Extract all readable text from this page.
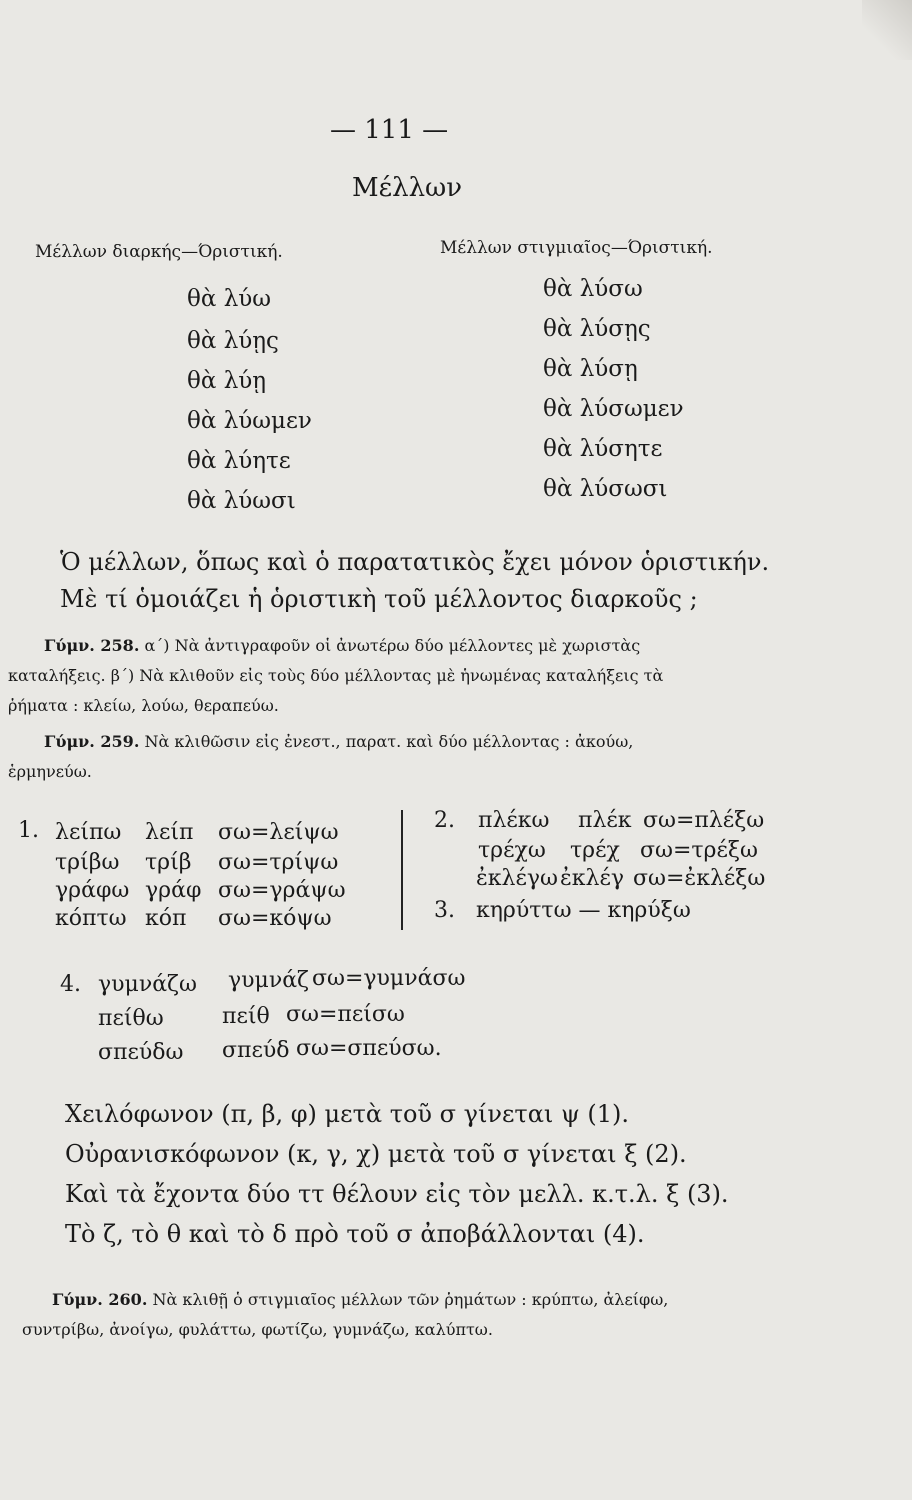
— 111 —
Μέλλων
Μέλλων διαρκής—Όριστική.
θὰ λύω
θὰ λύῃς
θὰ λύῃ
θὰ λύωμεν
θὰ λύητε
θὰ λύωσι
Μέλλων στιγμιαῖος—Όριστική.
θὰ λύσω
θὰ λύσῃς
θὰ λύσῃ
θὰ λύσωμεν
θὰ λύσητε
θὰ λύσωσι
Ὁ μέλλων, ὅπως καὶ ὁ παρατατικὸς ἔχει μόνον ὁριστικήν.
Μὲ τί ὁμοιάζει ἡ ὁριστικὴ τοῦ μέλλοντος διαρκοῦς ;
Γύμν. 258. α΄) Νὰ ἀντιγραφοῦν οἱ ἀνωτέρω δύο μέλλοντες μὲ χωριστὰς
καταλήξεις. β΄) Νὰ κλιθοῦν εἰς τοὺς δύο μέλλοντας μὲ ἡνωμένας καταλήξεις τὰ
ῥήματα : κλείω, λούω, θεραπεύω.
Γύμν. 259. Νὰ κλιθῶσιν εἰς ἐνεστ., παρατ. καὶ δύο μέλλοντας : ἀκούω,
ἑρμηνεύω.
1. λείπω λείπ σω=λείψω
τρίβω τρίβ σω=τρίψω
γράφω γράφ σω=γράψω
κόπτω κόπ σω=κόψω
2. πλέκω πλέκ σω=πλέξω
τρέχω τρέχ σω=τρέξω
ἐκλέγω ἐκλέγ σω=ἐκλέξω
3. κηρύττω — κηρύξω
4. γυμνάζω γυμνάζ σω=γυμνάσω
πείθω	πείθ σω=πείσω
σπεύδω σπεύδ σω=σπεύσω.
Χειλόφωνον (π, β, φ) μετὰ τοῦ σ γίνεται ψ (1).
Οὐρανισκόφωνον (κ, γ, χ) μετὰ τοῦ σ γίνεται ξ (2).
Καὶ τὰ ἔχοντα δύο ττ θέλουν εἰς τὸν μελλ. κ.τ.λ. ξ (3).
Τὸ ζ, τὸ θ καὶ τὸ δ πρὸ τοῦ σ ἀποβάλλονται (4).
Γύμν. 260. Νὰ κλιθῇ ὁ στιγμιαῖος μέλλων τῶν ῥημάτων : κρύπτω, ἀλείφω,
συντρίβω, ἀνοίγω, φυλάττω, φωτίζω, γυμνάζω, καλύπτω.
